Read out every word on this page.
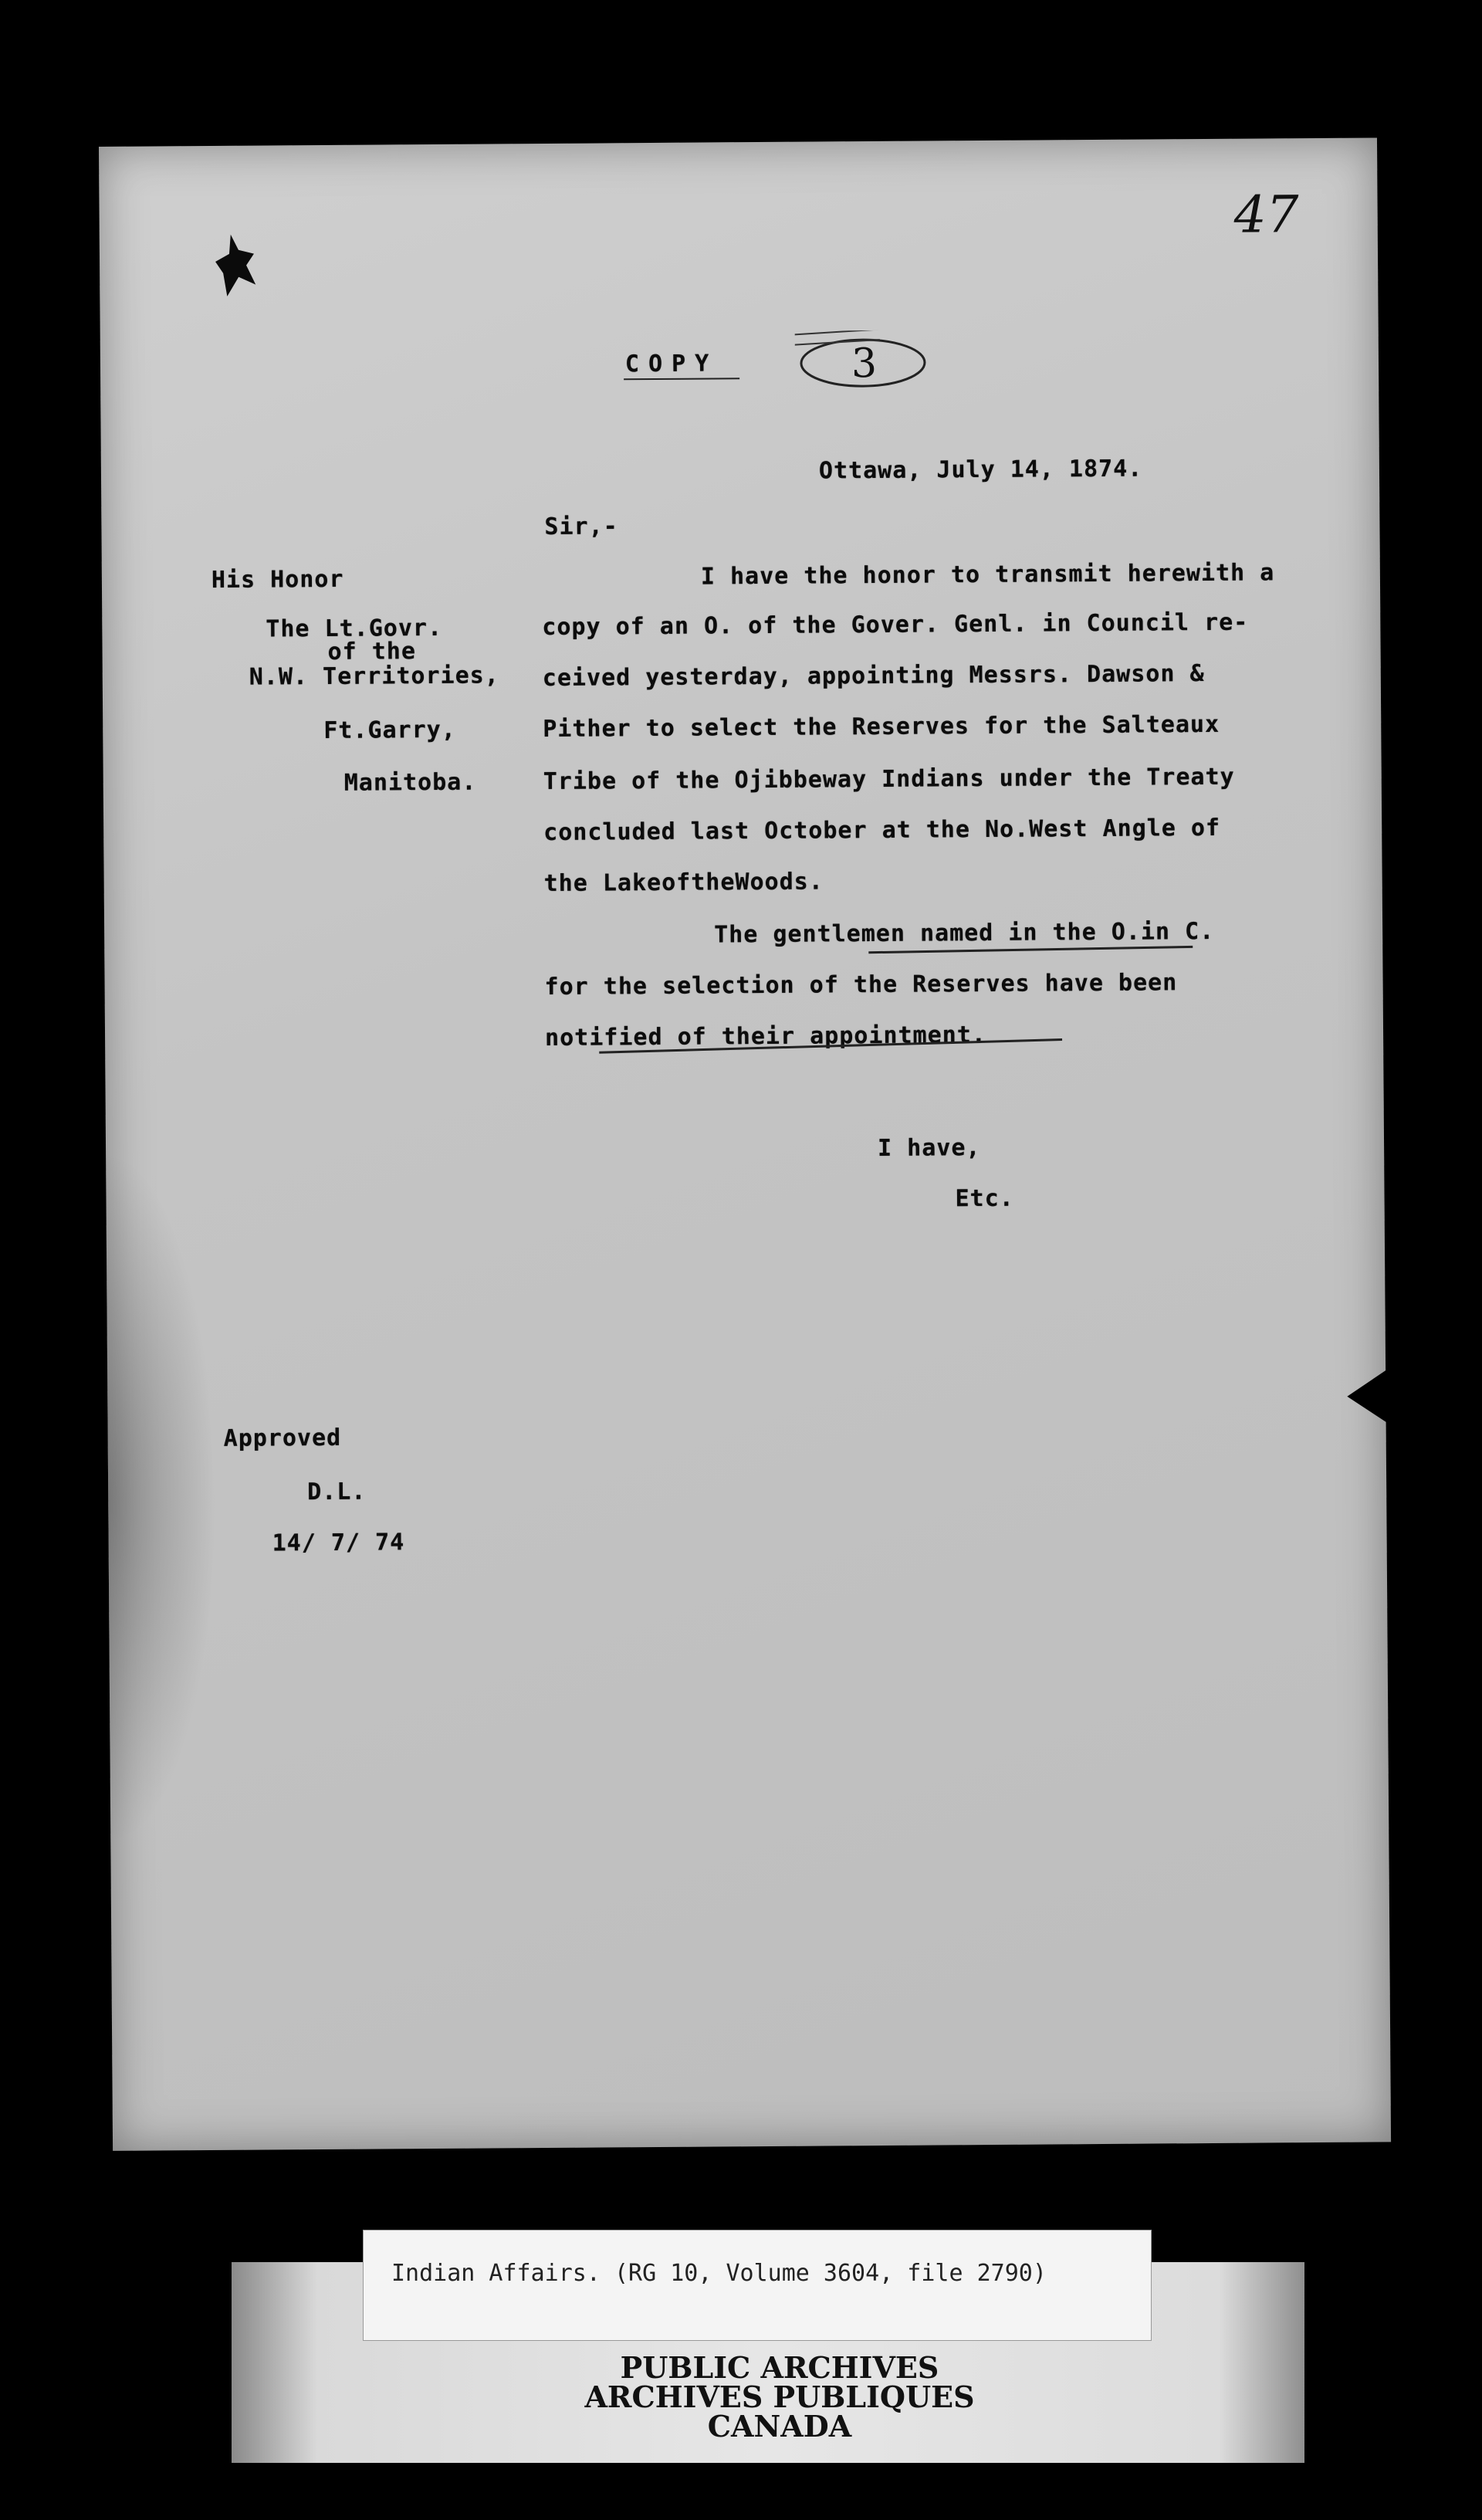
47
COPY	3
Ottawa, July 14, 1874.
Sir,-
His Honor
The Lt.Govr.
of the
N.W. Territories,
Ft.Garry,
Manitoba.
I have the honor to transmit herewith a
copy of an O. of the Gover. Genl. in Council re-
ceived yesterday, appointing Messrs. Dawson &
Pither to select the Reserves for the Salteaux
Tribe of the Ojibbeway Indians under the Treaty
concluded last October at the No.West Angle of
the LakeoftheWoods.
The gentlemen named in the O.in C.
for the selection of the Reserves have been
notified of their appointment.
I have,
Etc.
Approved
D.L.
14/ 7/ 74
Indian Affairs. (RG 10, Volume 3604, file 2790)
PUBLIC ARCHIVES
ARCHIVES PUBLIQUES
CANADA
